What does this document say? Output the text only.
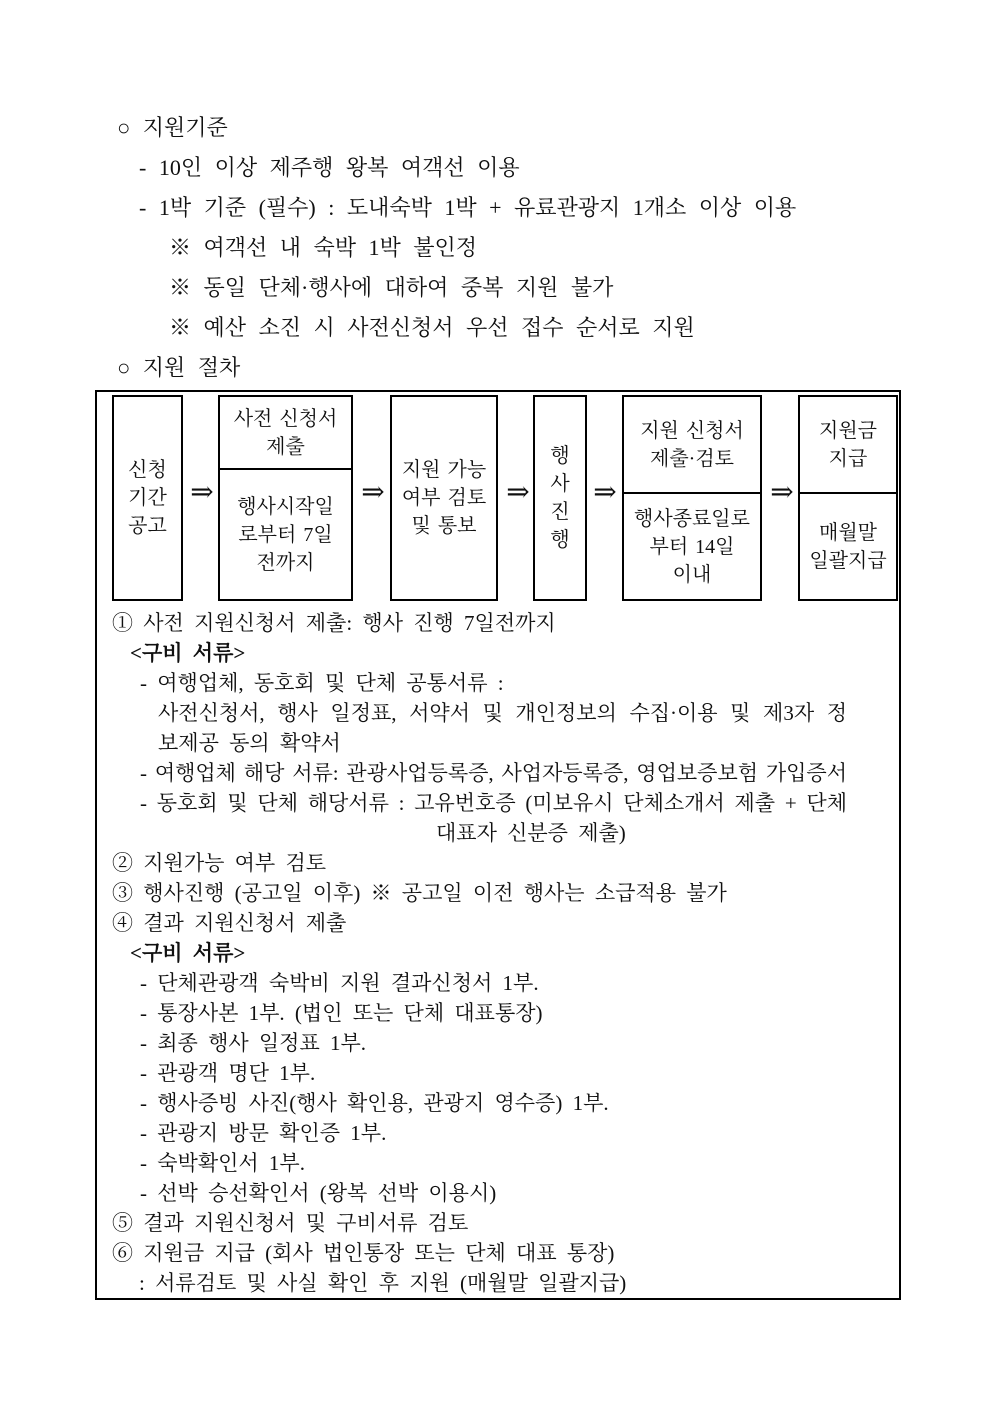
○ 지원기준
- 10인 이상 제주행 왕복 여객선 이용
- 1박 기준 (필수) : 도내숙박 1박 + 유료관광지 1개소 이상 이용
※ 여객선 내 숙박 1박 불인정
※ 동일 단체·행사에 대하여 중복 지원 불가
※ 예산 소진 시 사전신청서 우선 접수 순서로 지원
○ 지원 절차
신청
기간
공고
⇒
사전 신청서
제출
행사시작일
로부터 7일
전까지
⇒
지원 가능
여부 검토
및 통보
⇒
행
사
진
행
⇒
지원 신청서
제출·검토
행사종료일로
부터 14일
이내
⇒
지원금
지급
매월말
일괄지급
① 사전 지원신청서 제출: 행사 진행 7일전까지
<구비 서류>
- 여행업체, 동호회 및 단체 공통서류 :
사전신청서, 행사 일정표, 서약서 및 개인정보의 수집·이용 및 제3자 정
보제공 동의 확약서
- 여행업체 해당 서류: 관광사업등록증, 사업자등록증, 영업보증보험 가입증서
- 동호회 및 단체 해당서류 : 고유번호증 (미보유시 단체소개서 제출 + 단체
대표자 신분증 제출)
② 지원가능 여부 검토
③ 행사진행 (공고일 이후) ※ 공고일 이전 행사는 소급적용 불가
④ 결과 지원신청서 제출
<구비 서류>
- 단체관광객 숙박비 지원 결과신청서 1부.
- 통장사본 1부. (법인 또는 단체 대표통장)
- 최종 행사 일정표 1부.
- 관광객 명단 1부.
- 행사증빙 사진(행사 확인용, 관광지 영수증) 1부.
- 관광지 방문 확인증 1부.
- 숙박확인서 1부.
- 선박 승선확인서 (왕복 선박 이용시)
⑤ 결과 지원신청서 및 구비서류 검토
⑥ 지원금 지급 (회사 법인통장 또는 단체 대표 통장)
: 서류검토 및 사실 확인 후 지원 (매월말 일괄지급)
